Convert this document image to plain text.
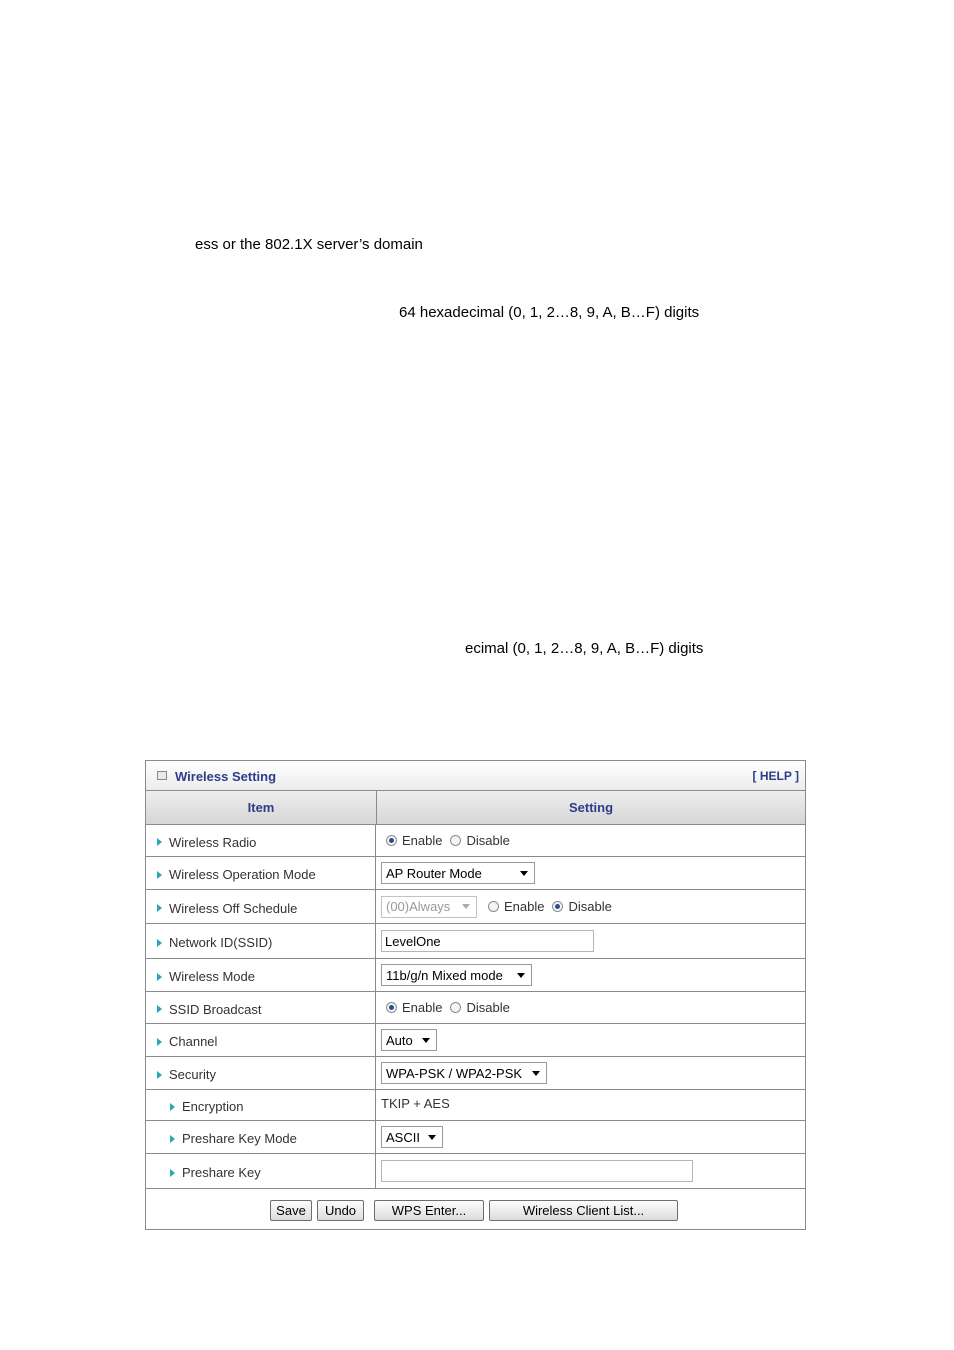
ess or the 802.1X server’s domain
64 hexadecimal (0, 1, 2…8, 9, A, B…F) digits
ecimal (0, 1, 2…8, 9, A, B…F) digits
Wireless Setting	[ HELP ]
Item	Setting
Wireless Radio	Enable Disable
Wireless Operation Mode	AP Router Mode
Wireless Off Schedule	(00)Always	Enable Disable
Network ID(SSID)	LevelOne
Wireless Mode	11b/g/n Mixed mode
SSID Broadcast	Enable Disable
Channel	Auto
Security	WPA-PSK / WPA2-PSK
Encryption	TKIP + AES
Preshare Key Mode	ASCII
Preshare Key
Save	Undo	WPS Enter...	Wireless Client List...
